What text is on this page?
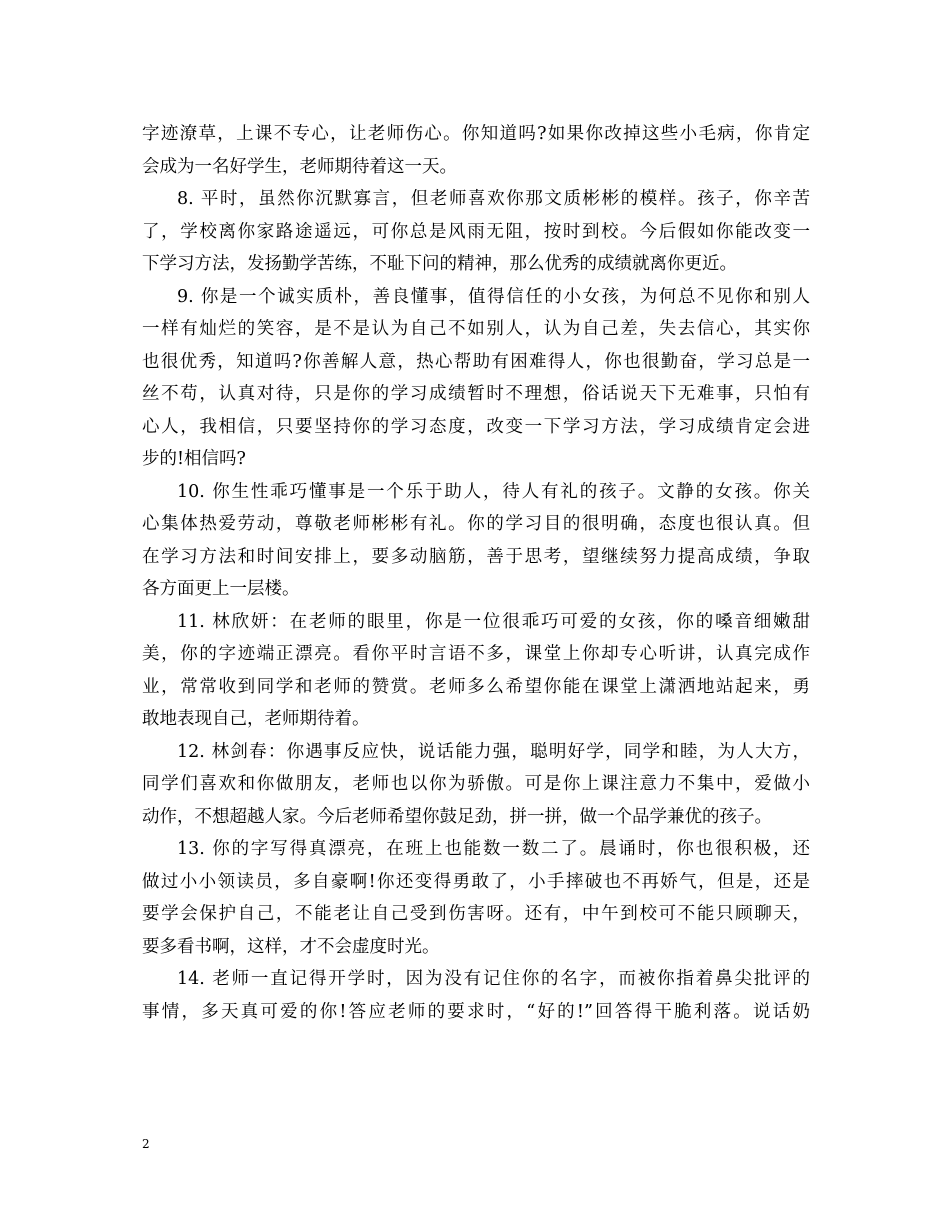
字迹潦草，上课不专心，让老师伤心。你知道吗?如果你改掉这些小毛病，你肯定
会成为一名好学生，老师期待着这一天。
8. 平时，虽然你沉默寡言，但老师喜欢你那文质彬彬的模样。孩子，你辛苦
了，学校离你家路途遥远，可你总是风雨无阻，按时到校。今后假如你能改变一
下学习方法，发扬勤学苦练，不耻下问的精神，那么优秀的成绩就离你更近。
9. 你是一个诚实质朴，善良懂事，值得信任的小女孩，为何总不见你和别人
一样有灿烂的笑容，是不是认为自己不如别人，认为自己差，失去信心，其实你
也很优秀，知道吗?你善解人意，热心帮助有困难得人，你也很勤奋，学习总是一
丝不苟，认真对待，只是你的学习成绩暂时不理想，俗话说天下无难事，只怕有
心人，我相信，只要坚持你的学习态度，改变一下学习方法，学习成绩肯定会进
步的!相信吗?
10. 你生性乖巧懂事是一个乐于助人，待人有礼的孩子。文静的女孩。你关
心集体热爱劳动，尊敬老师彬彬有礼。你的学习目的很明确，态度也很认真。但
在学习方法和时间安排上，要多动脑筋，善于思考，望继续努力提高成绩，争取
各方面更上一层楼。
11. 林欣妍：在老师的眼里，你是一位很乖巧可爱的女孩，你的嗓音细嫩甜
美，你的字迹端正漂亮。看你平时言语不多，课堂上你却专心听讲，认真完成作
业，常常收到同学和老师的赞赏。老师多么希望你能在课堂上潇洒地站起来，勇
敢地表现自己，老师期待着。
12. 林剑春：你遇事反应快，说话能力强，聪明好学，同学和睦，为人大方，
同学们喜欢和你做朋友，老师也以你为骄傲。可是你上课注意力不集中，爱做小
动作，不想超越人家。今后老师希望你鼓足劲，拼一拼，做一个品学兼优的孩子。
13. 你的字写得真漂亮，在班上也能数一数二了。晨诵时，你也很积极，还
做过小小领读员，多自豪啊!你还变得勇敢了，小手摔破也不再娇气，但是，还是
要学会保护自己，不能老让自己受到伤害呀。还有，中午到校可不能只顾聊天，
要多看书啊，这样，才不会虚度时光。
14. 老师一直记得开学时，因为没有记住你的名字，而被你指着鼻尖批评的
事情，多天真可爱的你!答应老师的要求时，“好的!”回答得干脆利落。说话奶
2
